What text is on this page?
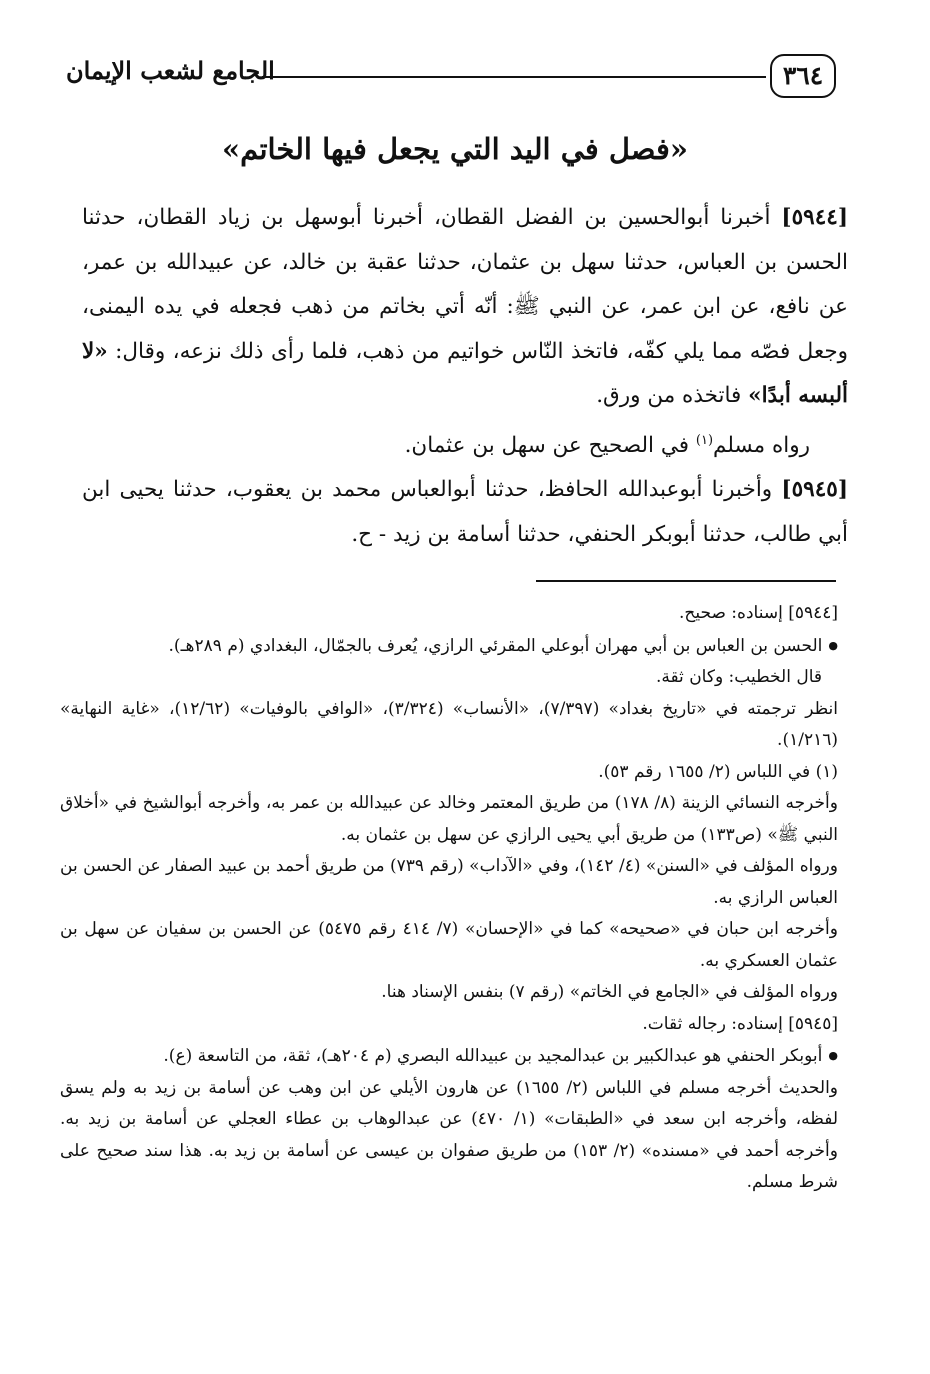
٣٦٤
الجامع لشعب الإيمان
«فصل في اليد التي يجعل فيها الخاتم»

[٥٩٤٤] أخبرنا أبوالحسين بن الفضل القطان، أخبرنا أبوسهل بن زياد القطان، حدثنا الحسن بن العباس، حدثنا سهل بن عثمان، حدثنا عقبة بن خالد، عن عبيدالله بن عمر، عن نافع، عن ابن عمر، عن النبي ﷺ: أنّه أتي بخاتم من ذهب فجعله في يده اليمنى، وجعل فصّه مما يلي كفّه، فاتخذ النّاس خواتيم من ذهب، فلما رأى ذلك نزعه، وقال: «لا ألبسه أبدًا» فاتخذه من ورق.

رواه مسلم$^{(١)}$ في الصحيح عن سهل بن عثمان.

[٥٩٤٥] وأخبرنا أبوعبدالله الحافظ، حدثنا أبوالعباس محمد بن يعقوب، حدثنا يحيى ابن أبي طالب، حدثنا أبوبكر الحنفي، حدثنا أسامة بن زيد - ح.

[٥٩٤٤] إسناده: صحيح.

● الحسن بن العباس بن أبي مهران أبوعلي المقرئي الرازي، يُعرف بالجمّال، البغدادي (م ٢٨٩هـ).

قال الخطيب: وكان ثقة.

انظر ترجمته في «تاريخ بغداد» (٧/٣٩٧)، «الأنساب» (٣/٣٢٤)، «الوافي بالوفيات» (١٢/٦٢)، «غاية النهاية» (١/٢١٦).

(١) في اللباس (٢/ ١٦٥٥ رقم ٥٣).

وأخرجه النسائي الزينة (٨/ ١٧٨) من طريق المعتمر وخالد عن عبيدالله بن عمر به، وأخرجه أبوالشيخ في «أخلاق النبي ﷺ» (ص١٣٣) من طريق أبي يحيى الرازي عن سهل بن عثمان به.

ورواه المؤلف في «السنن» (٤/ ١٤٢)، وفي «الآداب» (رقم ٧٣٩) من طريق أحمد بن عبيد الصفار عن الحسن بن العباس الرازي به.

وأخرجه ابن حبان في «صحيحه» كما في «الإحسان» (٧/ ٤١٤ رقم ٥٤٧٥) عن الحسن بن سفيان عن سهل بن عثمان العسكري به.

ورواه المؤلف في «الجامع في الخاتم» (رقم ٧) بنفس الإسناد هنا.

[٥٩٤٥] إسناده: رجاله ثقات.

● أبوبكر الحنفي هو عبدالكبير بن عبدالمجيد بن عبيدالله البصري (م ٢٠٤هـ)، ثقة، من التاسعة (ع).

والحديث أخرجه مسلم في اللباس (٢/ ١٦٥٥) عن هارون الأيلي عن ابن وهب عن أسامة بن زيد به ولم يسق لفظه، وأخرجه ابن سعد في «الطبقات» (١/ ٤٧٠) عن عبدالوهاب بن عطاء العجلي عن أسامة بن زيد به. وأخرجه أحمد في «مسنده» (٢/ ١٥٣) من طريق صفوان بن عيسى عن أسامة بن زيد به. هذا سند صحيح على شرط مسلم.
